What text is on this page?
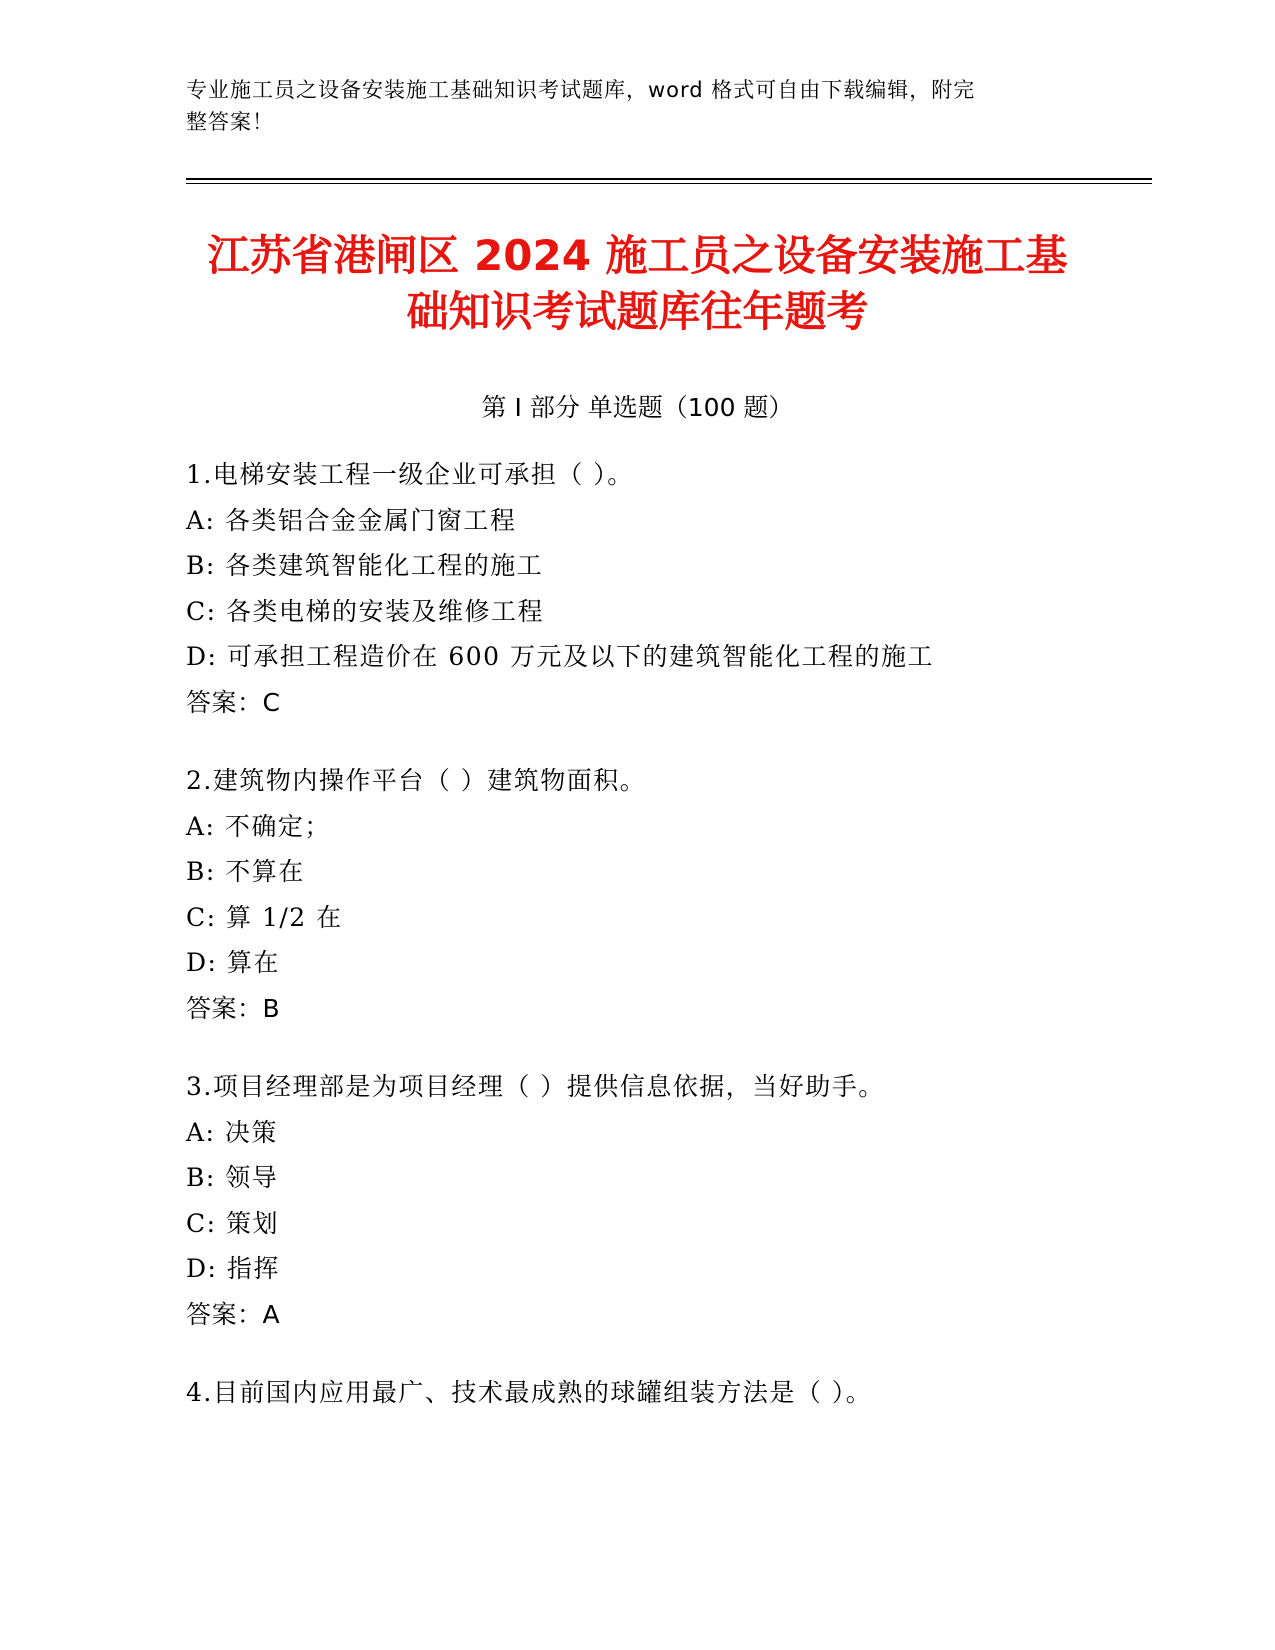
专业施工员之设备安装施工基础知识考试题库，word 格式可自由下载编辑，附完
整答案！
江苏省港闸区 2024 施工员之设备安装施工基
础知识考试题库往年题考
第 I 部分 单选题（100 题）
1.电梯安装工程一级企业可承担（ ）。
A: 各类铝合金金属门窗工程
B: 各类建筑智能化工程的施工
C: 各类电梯的安装及维修工程
D: 可承担工程造价在 600 万元及以下的建筑智能化工程的施工
答案：C
2.建筑物内操作平台（ ）建筑物面积。
A: 不确定；
B: 不算在
C: 算 1/2 在
D: 算在
答案：B
3.项目经理部是为项目经理（ ）提供信息依据，当好助手。
A: 决策
B: 领导
C: 策划
D: 指挥
答案：A
4.目前国内应用最广、技术最成熟的球罐组装方法是（ ）。
